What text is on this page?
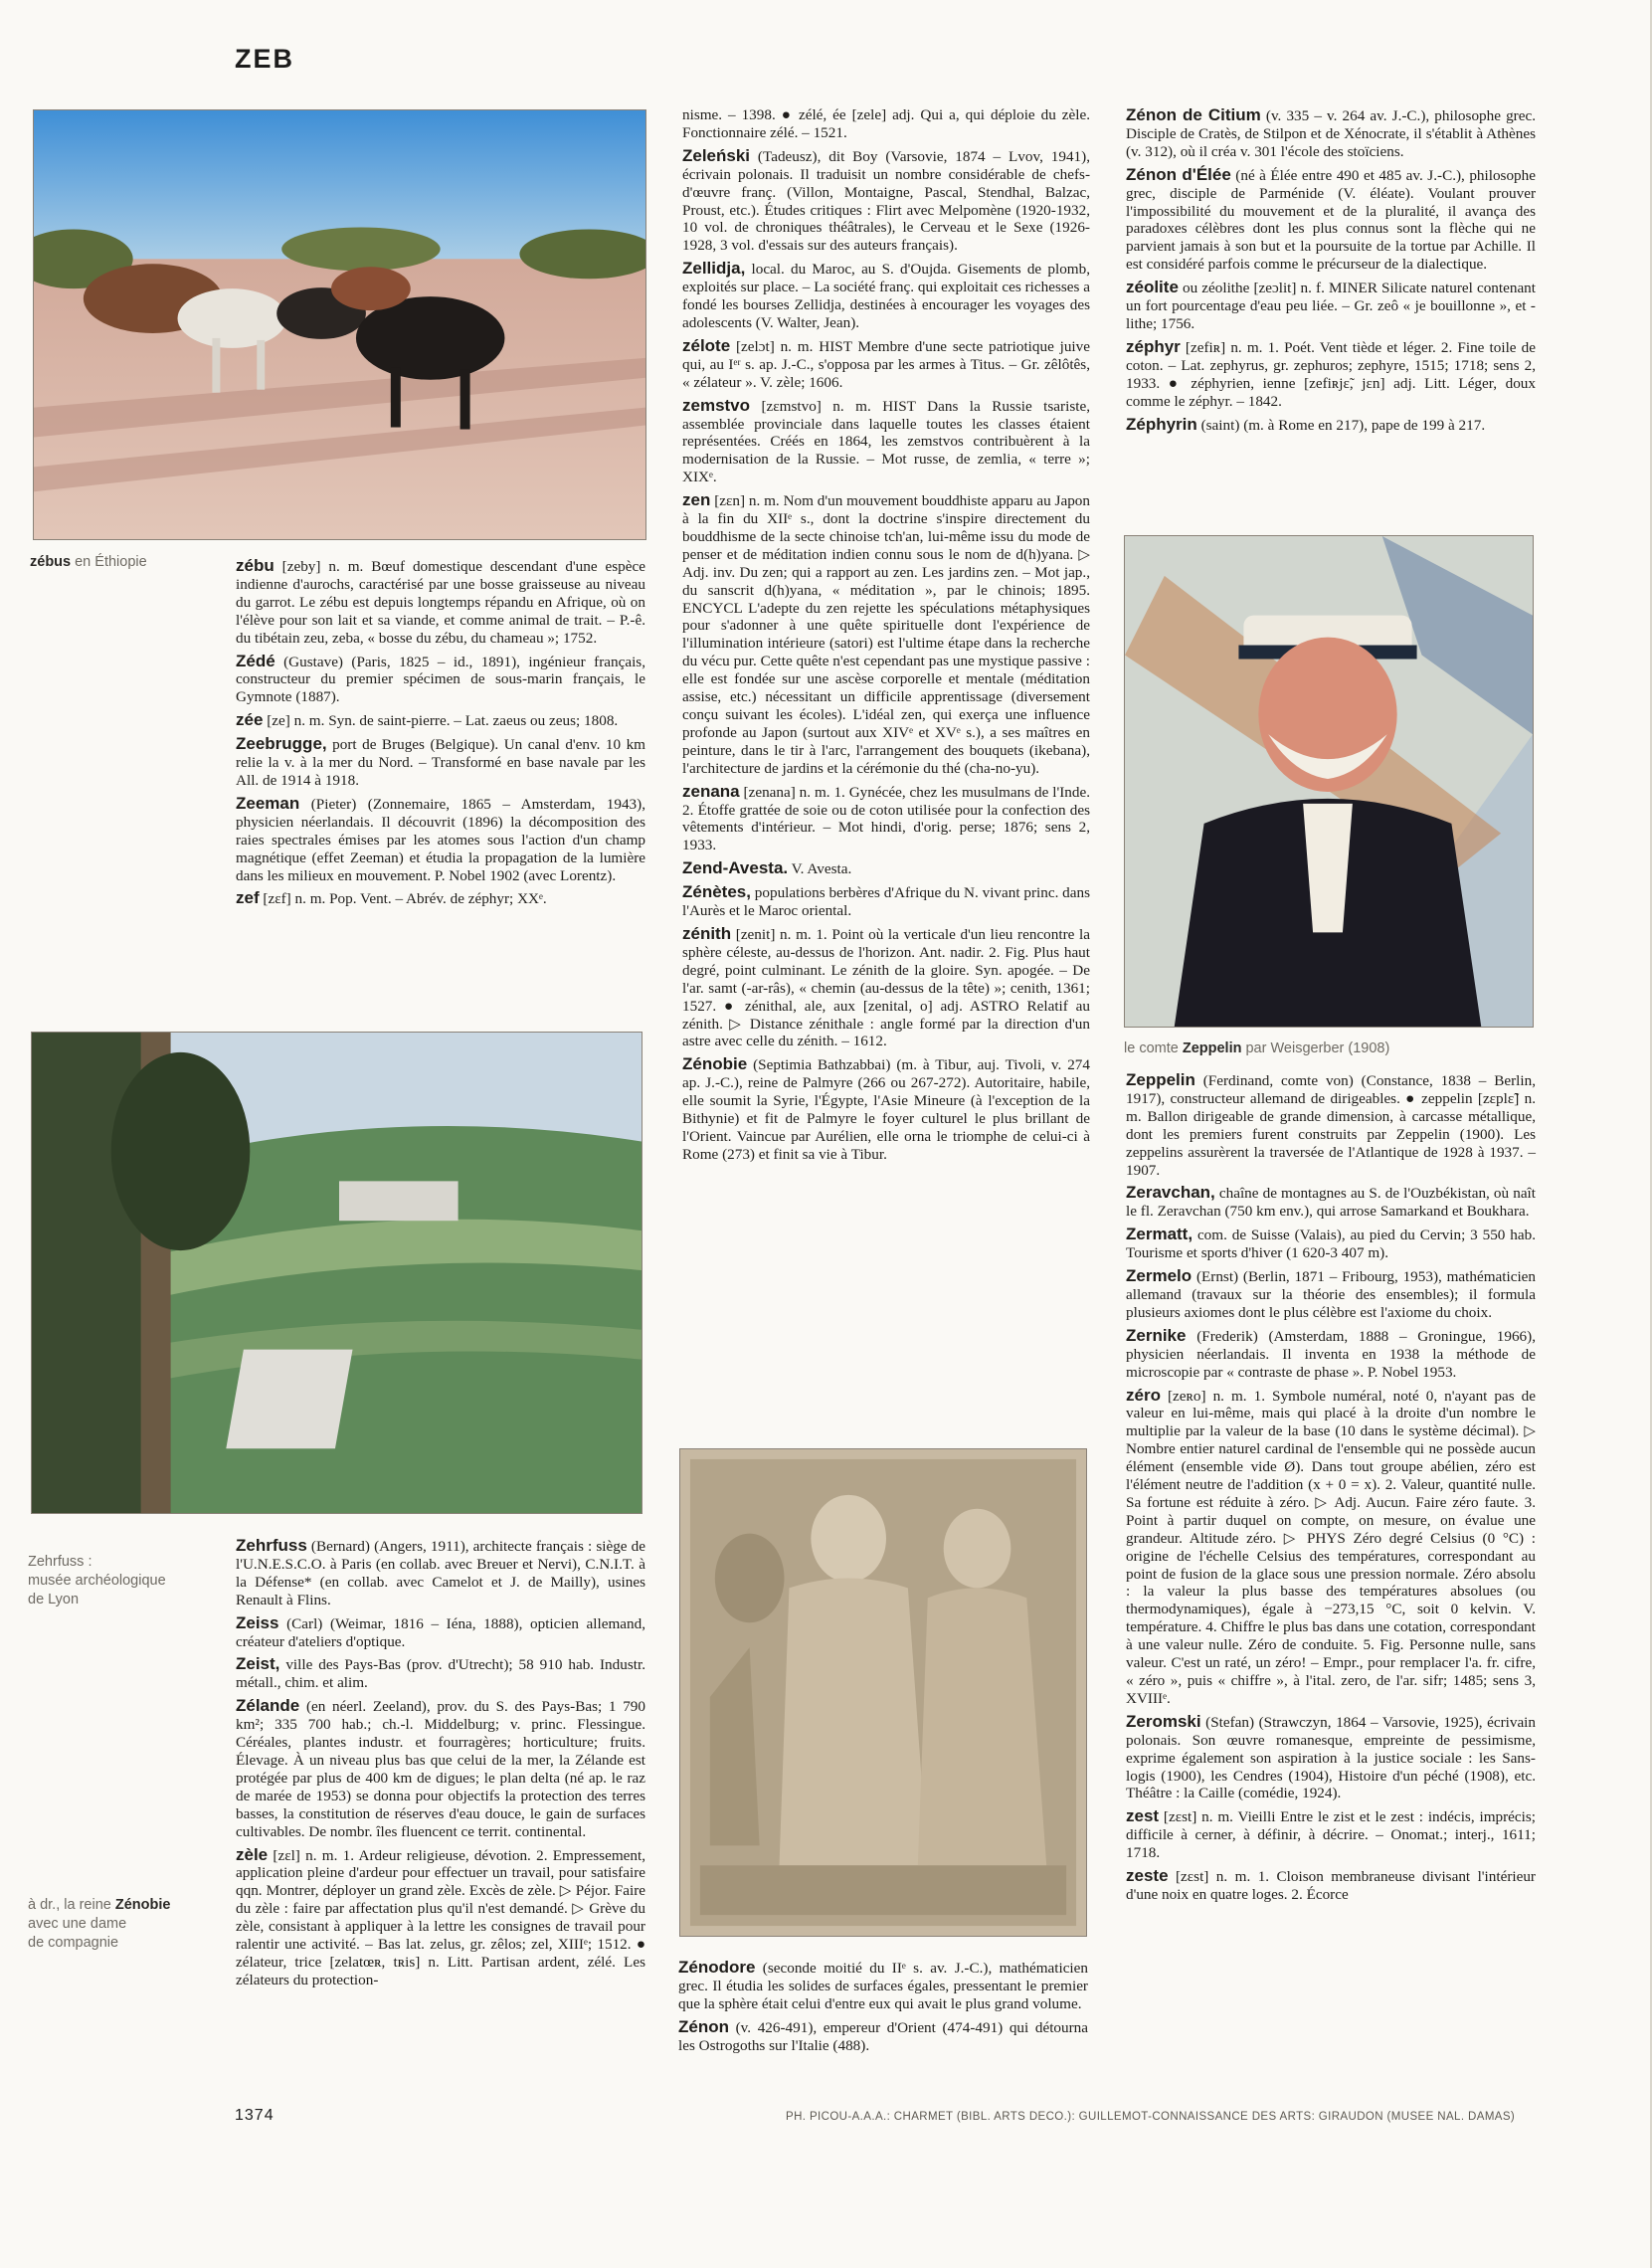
ZEB
zébus en Éthiopie

Zehrfuss :
musée archéologique
de Lyon

zébu [zeby] n. m. Bœuf domestique descendant d'une espèce indienne d'aurochs, caractérisé par une bosse graisseuse au niveau du garrot. Le zébu est depuis longtemps répandu en Afrique, où on l'élève pour son lait et sa viande, et comme animal de trait. – P.-ê. du tibétain zeu, zeba, « bosse du zébu, du chameau »; 1752.
Zédé (Gustave) (Paris, 1825 – id., 1891), ingénieur français, constructeur du premier spécimen de sous-marin français, le Gymnote (1887).
zée [ze] n. m. Syn. de saint-pierre. – Lat. zaeus ou zeus; 1808.
Zeebrugge, port de Bruges (Belgique). Un canal d'env. 10 km relie la v. à la mer du Nord. – Transformé en base navale par les All. de 1914 à 1918.
Zeeman (Pieter) (Zonnemaire, 1865 – Amsterdam, 1943), physicien néerlandais. Il découvrit (1896) la décomposition des raies spectrales émises par les atomes sous l'action d'un champ magnétique (effet Zeeman) et étudia la propagation de la lumière dans les milieux en mouvement. P. Nobel 1902 (avec Lorentz).
zef [zɛf] n. m. Pop. Vent. – Abrév. de zéphyr; XXᵉ.
Zehrfuss (Bernard) (Angers, 1911), architecte français : siège de l'U.N.E.S.C.O. à Paris (en collab. avec Breuer et Nervi), C.N.I.T. à la Défense* (en collab. avec Camelot et J. de Mailly), usines Renault à Flins.
Zeiss (Carl) (Weimar, 1816 – Iéna, 1888), opticien allemand, créateur d'ateliers d'optique.
Zeist, ville des Pays-Bas (prov. d'Utrecht); 58 910 hab. Industr. métall., chim. et alim.
Zélande (en néerl. Zeeland), prov. du S. des Pays-Bas; 1 790 km²; 335 700 hab.; ch.-l. Middelburg; v. princ. Flessingue. Céréales, plantes industr. et fourragères; horticulture; fruits. Élevage. À un niveau plus bas que celui de la mer, la Zélande est protégée par plus de 400 km de digues; le plan delta (né ap. le raz de marée de 1953) se donna pour objectifs la protection des terres basses, la constitution de réserves d'eau douce, le gain de surfaces cultivables. De nombr. îles fluencent ce territ. continental.
zèle [zɛl] n. m. 1. Ardeur religieuse, dévotion. 2. Empressement, application pleine d'ardeur pour effectuer un travail, pour satisfaire qqn. Montrer, déployer un grand zèle. Excès de zèle. ▷ Péjor. Faire du zèle : faire par affectation plus qu'il n'est demandé. ▷ Grève du zèle, consistant à appliquer à la lettre les consignes de travail pour ralentir une activité. – Bas lat. zelus, gr. zêlos; zel, XIIIᵉ; 1512. ● zélateur, trice [zelatœʀ, tʀis] n. Litt. Partisan ardent, zélé. Les zélateurs du protection-

à dr., la reine Zénobie
avec une dame
de compagnie

nisme. – 1398. ● zélé, ée [zele] adj. Qui a, qui déploie du zèle. Fonctionnaire zélé. – 1521.
Zeleński (Tadeusz), dit Boy (Varsovie, 1874 – Lvov, 1941), écrivain polonais. Il traduisit un nombre considérable de chefs-d'œuvre franç. (Villon, Montaigne, Pascal, Stendhal, Balzac, Proust, etc.). Études critiques : Flirt avec Melpomène (1920-1932, 10 vol. de chroniques théâtrales), le Cerveau et le Sexe (1926-1928, 3 vol. d'essais sur des auteurs français).
Zellidja, local. du Maroc, au S. d'Oujda. Gisements de plomb, exploités sur place. – La société franç. qui exploitait ces richesses a fondé les bourses Zellidja, destinées à encourager les voyages des adolescents (V. Walter, Jean).
zélote [zelɔt] n. m. HIST Membre d'une secte patriotique juive qui, au Iᵉʳ s. ap. J.-C., s'opposa par les armes à Titus. – Gr. zêlôtês, « zélateur ». V. zèle; 1606.
zemstvo [zɛmstvo] n. m. HIST Dans la Russie tsariste, assemblée provinciale dans laquelle toutes les classes étaient représentées. Créés en 1864, les zemstvos contribuèrent à la modernisation de la Russie. – Mot russe, de zemlia, « terre »; XIXᵉ.
zen [zɛn] n. m. Nom d'un mouvement bouddhiste apparu au Japon à la fin du XIIᵉ s., dont la doctrine s'inspire directement du bouddhisme de la secte chinoise tch'an, lui-même issu du mode de penser et de méditation indien connu sous le nom de d(h)yana. ▷ Adj. inv. Du zen; qui a rapport au zen. Les jardins zen. – Mot jap., du sanscrit d(h)yana, « méditation », par le chinois; 1895. ENCYCL L'adepte du zen rejette les spéculations métaphysiques pour s'adonner à une quête spirituelle dont l'expérience de l'illumination intérieure (satori) est l'ultime étape dans la recherche du vécu pur. Cette quête n'est cependant pas une mystique passive : elle est fondée sur une ascèse corporelle et mentale (méditation assise, etc.) nécessitant un difficile apprentissage (diversement conçu suivant les écoles). L'idéal zen, qui exerça une influence profonde au Japon (surtout aux XIVᵉ et XVᵉ s.), a ses maîtres en peinture, dans le tir à l'arc, l'arrangement des bouquets (ikebana), l'architecture de jardins et la cérémonie du thé (cha-no-yu).
zenana [zenana] n. m. 1. Gynécée, chez les musulmans de l'Inde. 2. Étoffe grattée de soie ou de coton utilisée pour la confection des vêtements d'intérieur. – Mot hindi, d'orig. perse; 1876; sens 2, 1933.
Zend-Avesta. V. Avesta.
Zénètes, populations berbères d'Afrique du N. vivant princ. dans l'Aurès et le Maroc oriental.
zénith [zenit] n. m. 1. Point où la verticale d'un lieu rencontre la sphère céleste, au-dessus de l'horizon. Ant. nadir. 2. Fig. Plus haut degré, point culminant. Le zénith de la gloire. Syn. apogée. – De l'ar. samt (-ar-râs), « chemin (au-dessus de la tête) »; cenith, 1361; 1527. ● zénithal, ale, aux [zenital, o] adj. ASTRO Relatif au zénith. ▷ Distance zénithale : angle formé par la direction d'un astre avec celle du zénith. – 1612.
Zénobie (Septimia Bathzabbai) (m. à Tibur, auj. Tivoli, v. 274 ap. J.-C.), reine de Palmyre (266 ou 267-272). Autoritaire, habile, elle soumit la Syrie, l'Égypte, l'Asie Mineure (à l'exception de la Bithynie) et fit de Palmyre le foyer culturel le plus brillant de l'Orient. Vaincue par Aurélien, elle orna le triomphe de celui-ci à Rome (273) et finit sa vie à Tibur.
Zénodore (seconde moitié du IIᵉ s. av. J.-C.), mathématicien grec. Il étudia les solides de surfaces égales, pressentant le premier que la sphère était celui d'entre eux qui avait le plus grand volume.
Zénon (v. 426-491), empereur d'Orient (474-491) qui détourna les Ostrogoths sur l'Italie (488).
Zénon de Citium (v. 335 – v. 264 av. J.-C.), philosophe grec. Disciple de Cratès, de Stilpon et de Xénocrate, il s'établit à Athènes (v. 312), où il créa v. 301 l'école des stoïciens.
Zénon d'Élée (né à Élée entre 490 et 485 av. J.-C.), philosophe grec, disciple de Parménide (V. éléate). Voulant prouver l'impossibilité du mouvement et de la pluralité, il avança des paradoxes célèbres dont les plus connus sont la flèche qui ne parvient jamais à son but et la poursuite de la tortue par Achille. Il est considéré parfois comme le précurseur de la dialectique.
zéolite ou zéolithe [zeɔlit] n. f. MINER Silicate naturel contenant un fort pourcentage d'eau peu liée. – Gr. zeô « je bouillonne », et -lithe; 1756.
zéphyr [zefiʀ] n. m. 1. Poét. Vent tiède et léger. 2. Fine toile de coton. – Lat. zephyrus, gr. zephuros; zephyre, 1515; 1718; sens 2, 1933. ● zéphyrien, ienne [zefiʀjɛ̃, jɛn] adj. Litt. Léger, doux comme le zéphyr. – 1842.
Zéphyrin (saint) (m. à Rome en 217), pape de 199 à 217.
le comte Zeppelin par Weisgerber (1908)
Zeppelin (Ferdinand, comte von) (Constance, 1838 – Berlin, 1917), constructeur allemand de dirigeables. ● zeppelin [zɛplɛ̃] n. m. Ballon dirigeable de grande dimension, à carcasse métallique, dont les premiers furent construits par Zeppelin (1900). Les zeppelins assurèrent la traversée de l'Atlantique de 1928 à 1937. – 1907.
Zeravchan, chaîne de montagnes au S. de l'Ouzbékistan, où naît le fl. Zeravchan (750 km env.), qui arrose Samarkand et Boukhara.
Zermatt, com. de Suisse (Valais), au pied du Cervin; 3 550 hab. Tourisme et sports d'hiver (1 620-3 407 m).
Zermelo (Ernst) (Berlin, 1871 – Fribourg, 1953), mathématicien allemand (travaux sur la théorie des ensembles); il formula plusieurs axiomes dont le plus célèbre est l'axiome du choix.
Zernike (Frederik) (Amsterdam, 1888 – Groningue, 1966), physicien néerlandais. Il inventa en 1938 la méthode de microscopie par « contraste de phase ». P. Nobel 1953.
zéro [zeʀo] n. m. 1. Symbole numéral, noté 0, n'ayant pas de valeur en lui-même, mais qui placé à la droite d'un nombre le multiplie par la valeur de la base (10 dans le système décimal). ▷ Nombre entier naturel cardinal de l'ensemble qui ne possède aucun élément (ensemble vide Ø). Dans tout groupe abélien, zéro est l'élément neutre de l'addition (x + 0 = x). 2. Valeur, quantité nulle. Sa fortune est réduite à zéro. ▷ Adj. Aucun. Faire zéro faute. 3. Point à partir duquel on compte, on mesure, on évalue une grandeur. Altitude zéro. ▷ PHYS Zéro degré Celsius (0 °C) : origine de l'échelle Celsius des températures, correspondant au point de fusion de la glace sous une pression normale. Zéro absolu : la valeur la plus basse des températures absolues (ou thermodynamiques), égale à −273,15 °C, soit 0 kelvin. V. température. 4. Chiffre le plus bas dans une cotation, correspondant à une valeur nulle. Zéro de conduite. 5. Fig. Personne nulle, sans valeur. C'est un raté, un zéro! – Empr., pour remplacer l'a. fr. cifre, « zéro », puis « chiffre », à l'ital. zero, de l'ar. sifr; 1485; sens 3, XVIIIᵉ.
Zeromski (Stefan) (Strawczyn, 1864 – Varsovie, 1925), écrivain polonais. Son œuvre romanesque, empreinte de pessimisme, exprime également son aspiration à la justice sociale : les Sans-logis (1900), les Cendres (1904), Histoire d'un péché (1908), etc. Théâtre : la Caille (comédie, 1924).
zest [zɛst] n. m. Vieilli Entre le zist et le zest : indécis, imprécis; difficile à cerner, à définir, à décrire. – Onomat.; interj., 1611; 1718.
zeste [zɛst] n. m. 1. Cloison membraneuse divisant l'intérieur d'une noix en quatre loges. 2. Écorce
1374	PH. PICOU-A.A.A.: CHARMET (BIBL. ARTS DECO.): GUILLEMOT-CONNAISSANCE DES ARTS: GIRAUDON (MUSEE NAL. DAMAS)
